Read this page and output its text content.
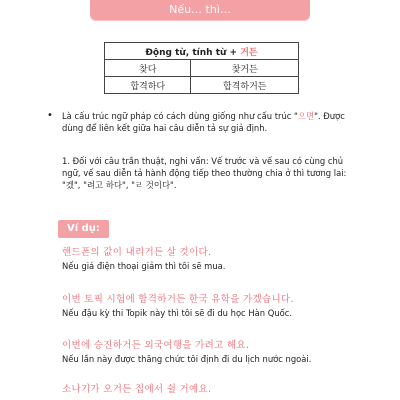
Nếu… thì…
Động từ, tính từ + 거든	
찾다	찾거든
합격하다	합격하거든
• Là cấu trúc ngữ pháp có cách dùng giống như cấu trúc "으면". Được dùng để liên kết giữa hai câu diễn tả sự giả định.
1. Đối với câu trần thuật, nghi vấn: Vế trước và vế sau có cùng chủ ngữ, vế sau diễn tả hành động tiếp theo thường chia ở thì tương lai: "겠", "려고 하다", "ㄹ 것이다".
Ví dụ:
핸드폰의 값이 내리거든 살 것이다.
Nếu giá điện thoại giảm thì tôi sẽ mua.
이번 토픽 시험에 합격하거든 한국 유학을 가겠습니다.
Nếu đậu kỳ thi Topik này thì tôi sẽ đi du học Hàn Quốc.
이번에 승진하거든 외국여행을 가려고 해요.
Nếu lần này được thăng chức tôi định đi du lịch nước ngoài.
소나기가 오거든 집에서 쉴 거예요.
